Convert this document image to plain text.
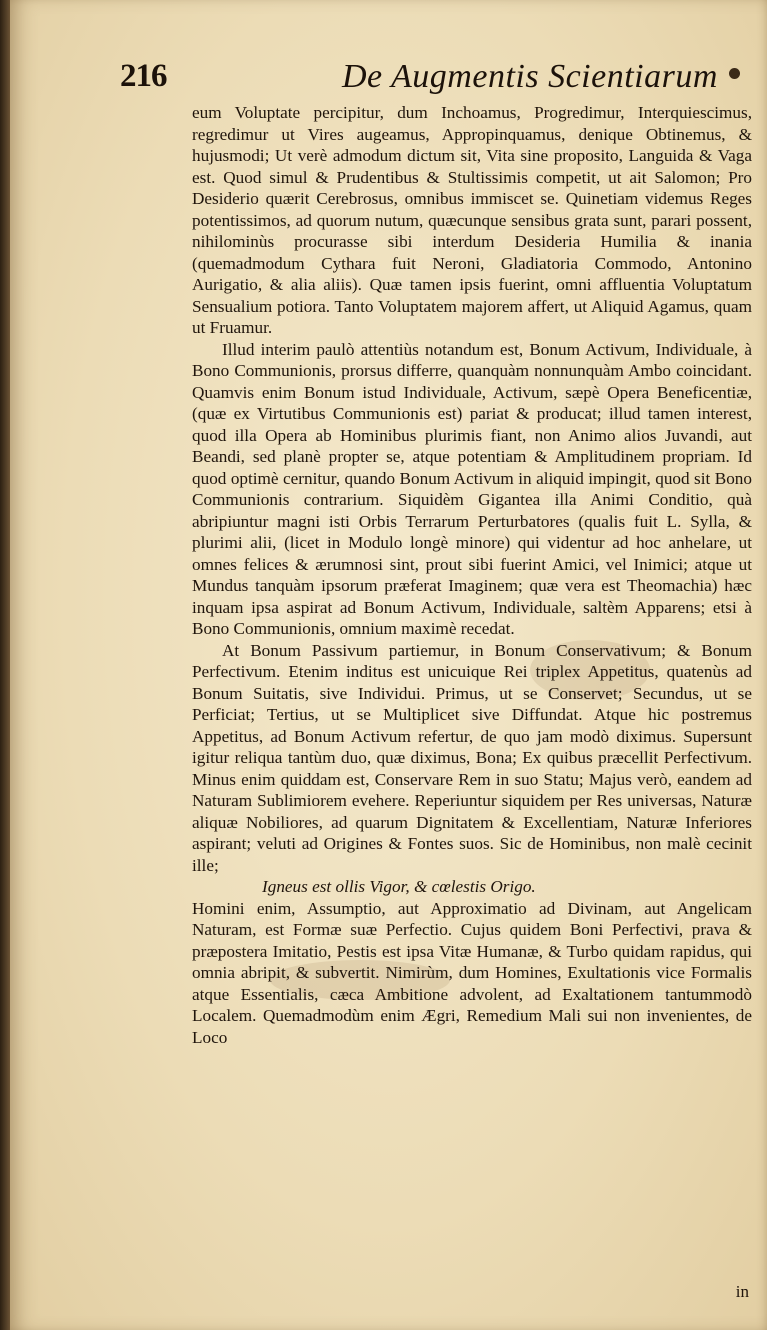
216	De Augmentis Scientiarum

eum Voluptate percipitur, dum Inchoamus, Progredimur, Interquiescimus, regredimur ut Vires augeamus, Appropinquamus, denique Obtinemus, & hujusmodi; Ut verè admodum dictum sit, Vita sine proposito, Languida & Vaga est. Quod simul & Prudentibus & Stultissimis competit, ut ait Salomon; Pro Desiderio quærit Cerebrosus, omnibus immiscet se. Quinetiam videmus Reges potentissimos, ad quorum nutum, quæcunque sensibus grata sunt, parari possent, nihilominùs procurasse sibi interdum Desideria Humilia & inania (quemadmodum Cythara fuit Neroni, Gladiatoria Commodo, Antonino Aurigatio, & alia aliis). Quæ tamen ipsis fuerint, omni affluentia Voluptatum Sensualium potiora. Tanto Voluptatem majorem affert, ut Aliquid Agamus, quam ut Fruamur.

Illud interim paulò attentiùs notandum est, Bonum Activum, Individuale, à Bono Communionis, prorsus differre, quanquàm nonnunquàm Ambo coincidant. Quamvis enim Bonum istud Individuale, Activum, sæpè Opera Beneficentiæ, (quæ ex Virtutibus Communionis est) pariat & producat; illud tamen interest, quod illa Opera ab Hominibus plurimis fiant, non Animo alios Juvandi, aut Beandi, sed planè propter se, atque potentiam & Amplitudinem propriam. Id quod optimè cernitur, quando Bonum Activum in aliquid impingit, quod sit Bono Communionis contrarium. Siquidèm Gigantea illa Animi Conditio, quà abripiuntur magni isti Orbis Terrarum Perturbatores (qualis fuit L. Sylla, & plurimi alii, (licet in Modulo longè minore) qui videntur ad hoc anhelare, ut omnes felices & ærumnosi sint, prout sibi fuerint Amici, vel Inimici; atque ut Mundus tanquàm ipsorum præferat Imaginem; quæ vera est Theomachia) hæc inquam ipsa aspirat ad Bonum Activum, Individuale, saltèm Apparens; etsi à Bono Communionis, omnium maximè recedat.

At Bonum Passivum partiemur, in Bonum Conservativum; & Bonum Perfectivum. Etenim inditus est unicuique Rei triplex Appetitus, quatenùs ad Bonum Suitatis, sive Individui. Primus, ut se Conservet; Secundus, ut se Perficiat; Tertius, ut se Multiplicet sive Diffundat. Atque hic postremus Appetitus, ad Bonum Activum refertur, de quo jam modò diximus. Supersunt igitur reliqua tantùm duo, quæ diximus, Bona; Ex quibus præcellit Perfectivum. Minus enim quiddam est, Conservare Rem in suo Statu; Majus verò, eandem ad Naturam Sublimiorem evehere. Reperiuntur siquidem per Res universas, Naturæ aliquæ Nobiliores, ad quarum Dignitatem & Excellentiam, Naturæ Inferiores aspirant; veluti ad Origines & Fontes suos. Sic de Hominibus, non malè cecinit ille;

Igneus est ollis Vigor, & cœlestis Origo.

Homini enim, Assumptio, aut Approximatio ad Divinam, aut Angelicam Naturam, est Formæ suæ Perfectio. Cujus quidem Boni Perfectivi, prava & præpostera Imitatio, Pestis est ipsa Vitæ Humanæ, & Turbo quidam rapidus, qui omnia abripit, & subvertit. Nimirùm, dum Homines, Exultationis vice Formalis atque Essentialis, cæca Ambitione advolent, ad Exaltationem tantummodò Localem. Quemadmodùm enim Ægri, Remedium Mali sui non invenientes, de Loco

in
